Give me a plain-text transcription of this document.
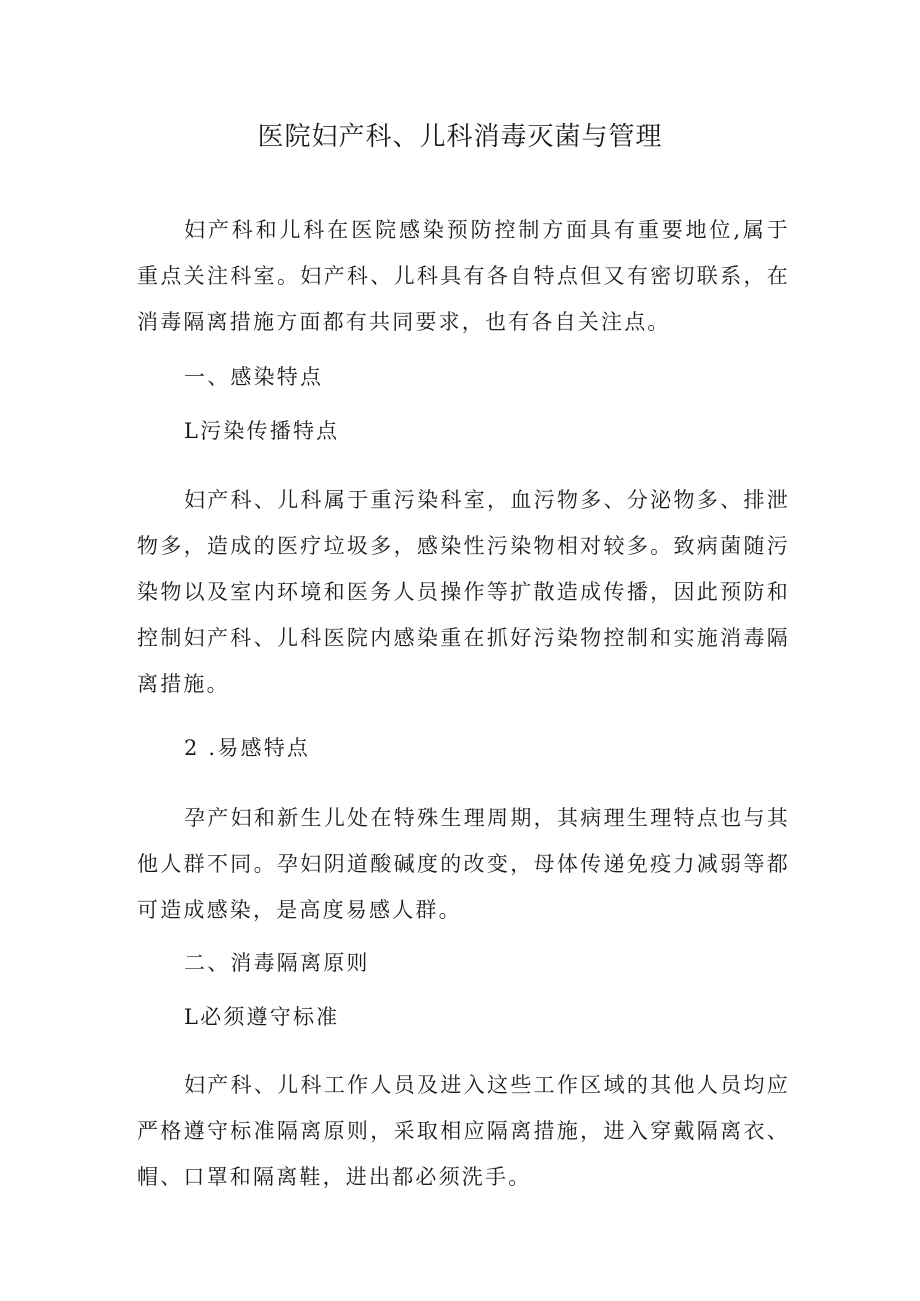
医院妇产科、儿科消毒灭菌与管理

妇产科和儿科在医院感染预防控制方面具有重要地位,属于重点关注科室。妇产科、儿科具有各自特点但又有密切联系，在消毒隔离措施方面都有共同要求，也有各自关注点。

一、感染特点
L污染传播特点

妇产科、儿科属于重污染科室，血污物多、分泌物多、排泄物多，造成的医疗垃圾多，感染性污染物相对较多。致病菌随污染物以及室内环境和医务人员操作等扩散造成传播，因此预防和控制妇产科、儿科医院内感染重在抓好污染物控制和实施消毒隔离措施。

2 .易感特点

孕产妇和新生儿处在特殊生理周期，其病理生理特点也与其他人群不同。孕妇阴道酸碱度的改变，母体传递免疫力减弱等都可造成感染，是高度易感人群。

二、消毒隔离原则
L必须遵守标准

妇产科、儿科工作人员及进入这些工作区域的其他人员均应严格遵守标准隔离原则，采取相应隔离措施，进入穿戴隔离衣、帽、口罩和隔离鞋，进出都必须洗手。
